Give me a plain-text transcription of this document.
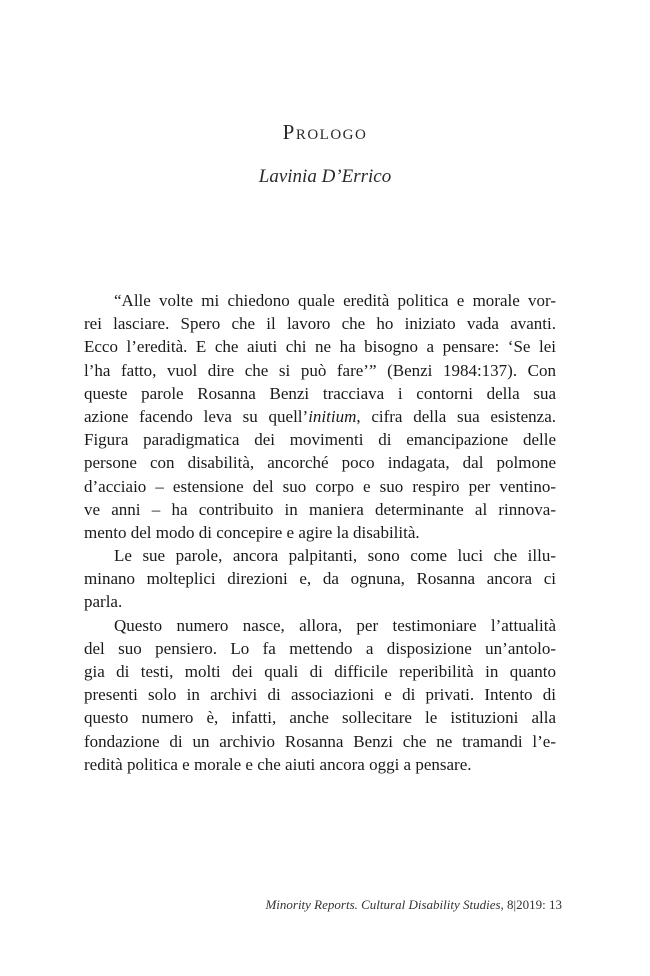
Prologo
Lavinia D’Errico
“Alle volte mi chiedono quale eredità politica e morale vor-
rei lasciare. Spero che il lavoro che ho iniziato vada avanti.
Ecco l’eredità. E che aiuti chi ne ha bisogno a pensare: ‘Se lei
l’ha fatto, vuol dire che si può fare’” (Benzi 1984:137). Con
queste parole Rosanna Benzi tracciava i contorni della sua
azione facendo leva su quell’initium, cifra della sua esistenza.
Figura paradigmatica dei movimenti di emancipazione delle
persone con disabilità, ancorché poco indagata, dal polmone
d’acciaio – estensione del suo corpo e suo respiro per ventino-
ve anni – ha contribuito in maniera determinante al rinnova-
mento del modo di concepire e agire la disabilità.
Le sue parole, ancora palpitanti, sono come luci che illu-
minano molteplici direzioni e, da ognuna, Rosanna ancora ci
parla.
Questo numero nasce, allora, per testimoniare l’attualità
del suo pensiero. Lo fa mettendo a disposizione un’antolo-
gia di testi, molti dei quali di difficile reperibilità in quanto
presenti solo in archivi di associazioni e di privati. Intento di
questo numero è, infatti, anche sollecitare le istituzioni alla
fondazione di un archivio Rosanna Benzi che ne tramandi l’e-
redità politica e morale e che aiuti ancora oggi a pensare.
Minority Reports. Cultural Disability Studies, 8|2019: 13
